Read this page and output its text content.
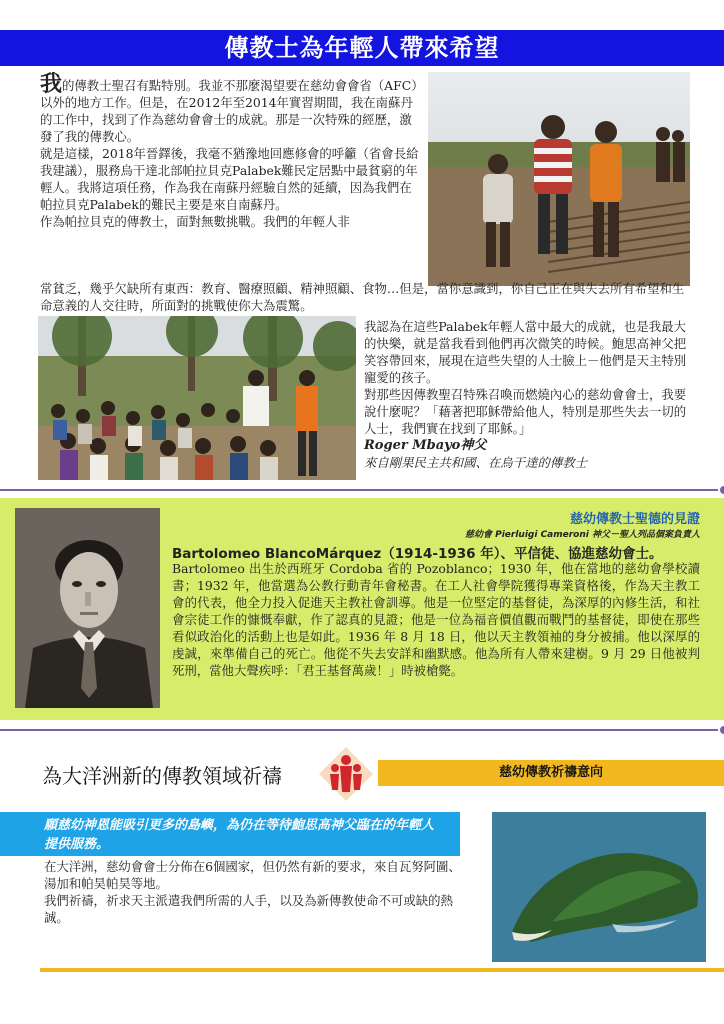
傳教士為年輕人帶來希望
我的傳教士聖召有點特別。我並不那麼渴望要在慈幼會會省（AFC）以外的地方工作。但是，在2012年至2014年實習期間，我在南蘇丹的工作中，找到了作為慈幼會會士的成就。那是一次特殊的經歷，激發了我的傳教心。
就是這樣，2018年晉鐸後，我毫不猶豫地回應修會的呼籲（省會長給我建議），服務烏干達北部帕拉貝克Palabek難民定居點中最貧窮的年輕人。我將這項任務，作為我在南蘇丹經驗自然的延續，因為我們在帕拉貝克Palabek的難民主要是來自南蘇丹。
作為帕拉貝克的傳教士，面對無數挑戰。我們的年輕人非
常貧乏，幾乎欠缺所有東西：教育、醫療照顧、精神照顧、食物…但是，當你意識到，你自己正在與失去所有希望和生命意義的人交往時，所面對的挑戰使你大為震驚。
我認為在這些Palabek年輕人當中最大的成就，也是我最大的快樂，就是當我看到他們再次微笑的時候。鮑思高神父把笑容帶回來，展現在這些失望的人士臉上－他們是天主特別寵愛的孩子。
對那些因傳教聖召特殊召喚而燃燒內心的慈幼會會士，我要說什麼呢？「藉著把耶穌帶給他人，特別是那些失去一切的人士，我們實在找到了耶穌。」
Roger Mbayo神父
來自剛果民主共和國、在烏干達的傳教士
慈幼傳教士聖德的見證
慈幼會 Pierluigi Cameroni 神父－聖人列品個案負責人
Bartolomeo BlancoMárquez（1914-1936 年）、平信徒、協進慈幼會士。
Bartolomeo 出生於西班牙 Cordoba 省的 Pozoblanco；1930 年，他在當地的慈幼會學校讀書；1932 年，他當選為公教行動青年會秘書。在工人社會學院獲得專業資格後，作為天主教工會的代表，他全力投入促進天主教社會訓導。他是一位堅定的基督徒，為深厚的內修生活，和社會宗徒工作的慷慨奉獻，作了認真的見證；他是一位為福音價值觀而戰鬥的基督徒，即使在那些看似政治化的活動上也是如此。1936 年 8 月 18 日，他以天主教領袖的身分被捕。他以深厚的虔誠，來準備自己的死亡。他從不失去安詳和幽默感。他為所有人帶來建樹。9 月 29 日他被判死刑，當他大聲疾呼：「君王基督萬歲！」時被槍斃。
為大洋洲新的傳教領域祈禱	慈幼傳教祈禱意向
願慈幼神恩能吸引更多的島嶼，為仍在等待鮑思高神父臨在的年輕人提供服務。
在大洋洲，慈幼會會士分佈在6個國家，但仍然有新的要求，來自瓦努阿圖、湯加和帕昊帕昊等地。
我們祈禱，祈求天主派遣我們所需的人手，以及為新傳教使命不可或缺的熱誠。
